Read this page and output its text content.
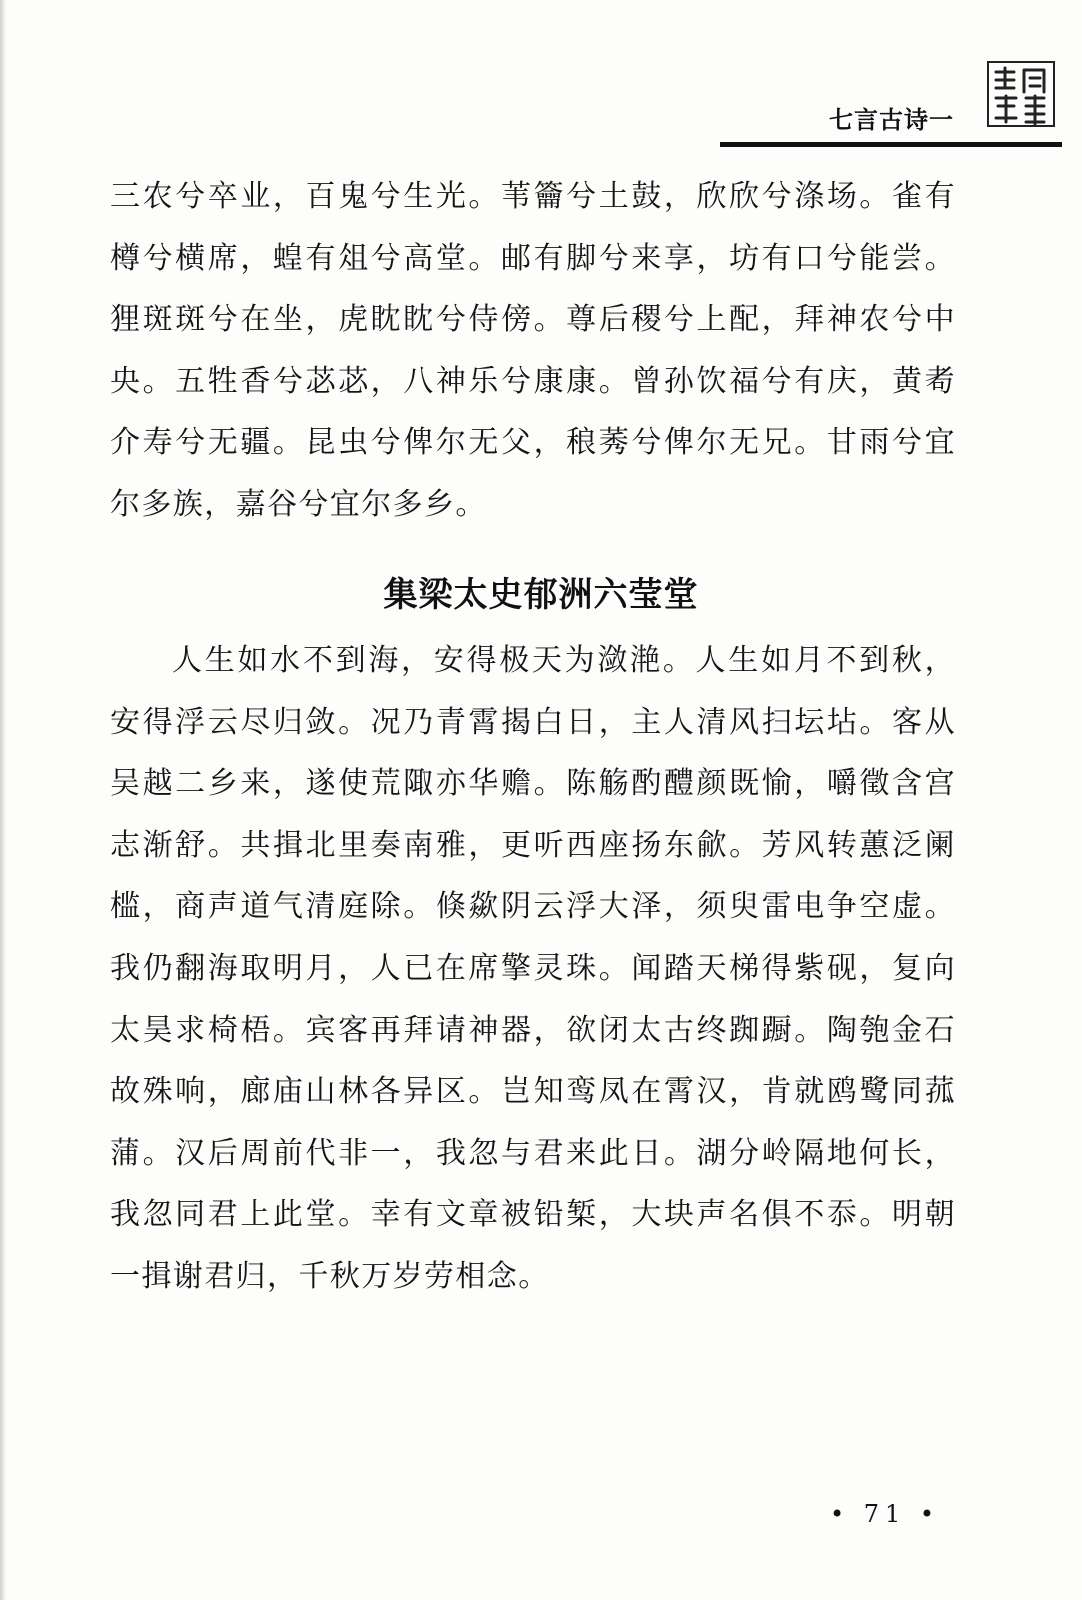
七言古诗一

三农兮卒业，百鬼兮生光。苇籥兮土鼓，欣欣兮涤场。雀有樽兮横席，蝗有俎兮高堂。邮有脚兮来享，坊有口兮能尝。狸斑斑兮在坐，虎眈眈兮侍傍。尊后稷兮上配，拜神农兮中央。五牲香兮苾苾，八神乐兮康康。曾孙饮福兮有庆，黄耇介寿兮无疆。昆虫兮俾尔无父，稂莠兮俾尔无兄。甘雨兮宜尔多族，嘉谷兮宜尔多乡。

集梁太史郁洲六莹堂

人生如水不到海，安得极天为潋滟。人生如月不到秋，安得浮云尽归敛。况乃青霄揭白日，主人清风扫坛坫。客从吴越二乡来，遂使荒陬亦华赡。陈觞酌醴颜既愉，嚼徵含宫志渐舒。共揖北里奏南雅，更听西座扬东歈。芳风转蕙泛阑槛，商声道气清庭除。倏歘阴云浮大泽，须臾雷电争空虚。我仍翻海取明月，人已在席擎灵珠。闻踏天梯得紫砚，复向太昊求椅梧。宾客再拜请神器，欲闭太古终踟蹰。陶匏金石故殊响，廊庙山林各异区。岂知鸾凤在霄汉，肯就鸥鹭同菰蒲。汉后周前代非一，我忽与君来此日。湖分岭隔地何长，我忽同君上此堂。幸有文章被铅椠，大块声名俱不忝。明朝一揖谢君归，千秋万岁劳相念。

• 71 •
